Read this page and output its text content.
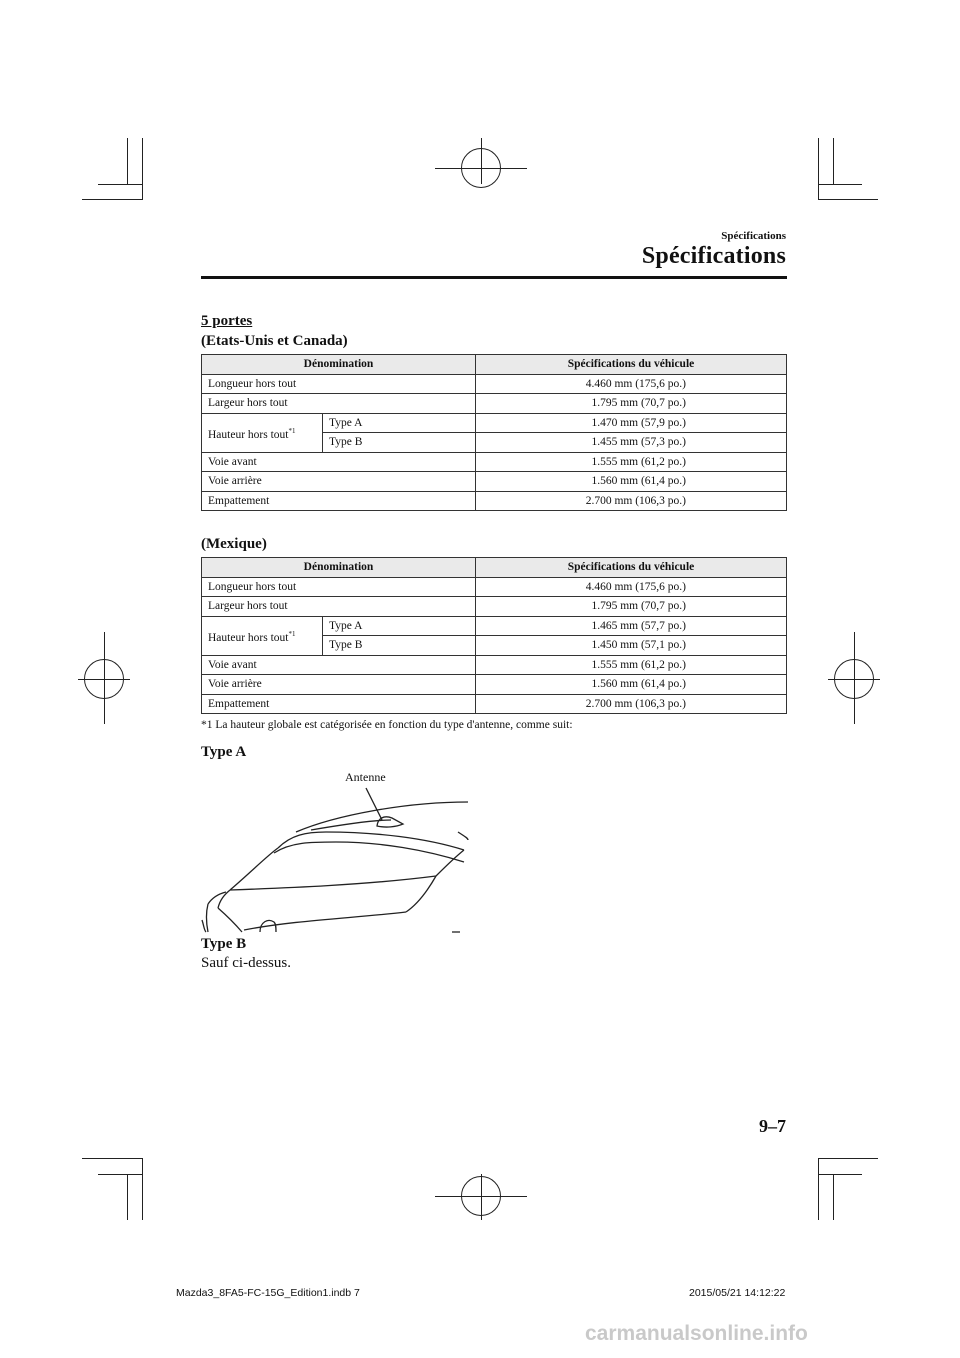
Spécifications
Spécifications
5 portes
(Etats-Unis et Canada)
Dénomination		Spécifications du véhicule
Longueur hors tout		4.460 mm (175,6 po.)
Largeur hors tout		1.795 mm (70,7 po.)
Hauteur hors tout$^{*1}$	Type A	1.470 mm (57,9 po.)
	Type B	1.455 mm (57,3 po.)
Voie avant		1.555 mm (61,2 po.)
Voie arrière		1.560 mm (61,4 po.)
Empattement		2.700 mm (106,3 po.)
(Mexique)
Dénomination		Spécifications du véhicule
Longueur hors tout		4.460 mm (175,6 po.)
Largeur hors tout		1.795 mm (70,7 po.)
Hauteur hors tout$^{*1}$	Type A	1.465 mm (57,7 po.)
	Type B	1.450 mm (57,1 po.)
Voie avant		1.555 mm (61,2 po.)
Voie arrière		1.560 mm (61,4 po.)
Empattement		2.700 mm (106,3 po.)
*1 La hauteur globale est catégorisée en fonction du type d'antenne, comme suit:
Type A
Antenne
Type B
Sauf ci-dessus.
9–7
Mazda3_8FA5-FC-15G_Edition1.indb 7	2015/05/21 14:12:22
carmanualsonline.info
